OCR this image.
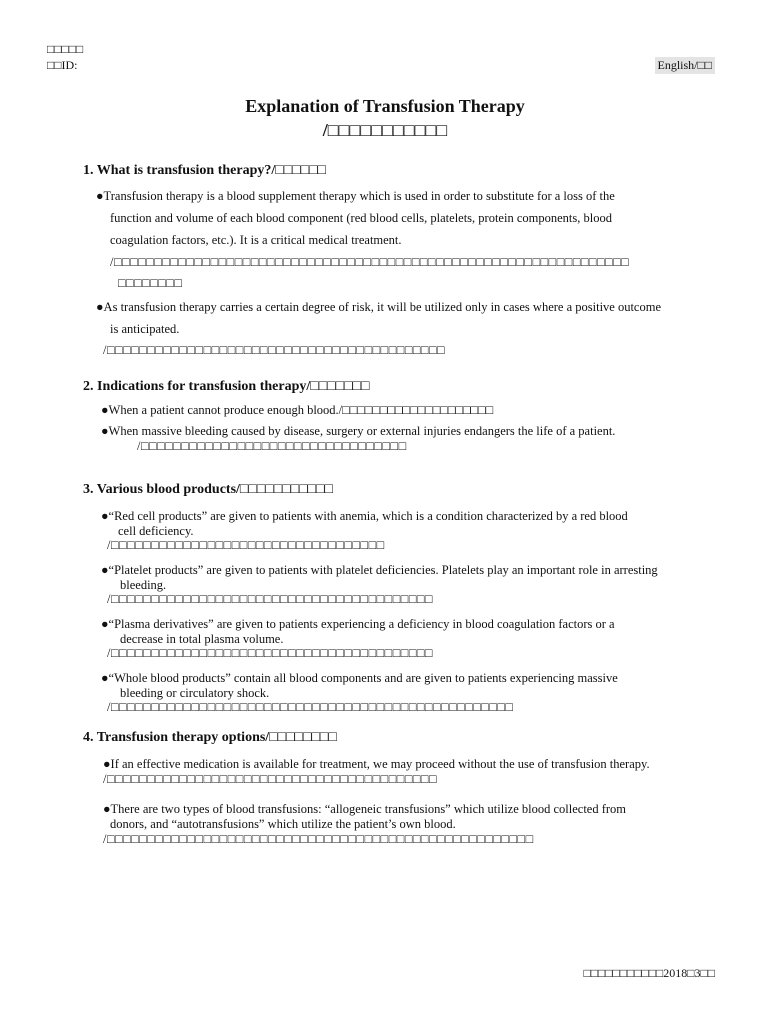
□□□□□
□□ID:	English/□□
Explanation of Transfusion Therapy
/□□□□□□□□□□□
1. What is transfusion therapy?/□□□□□□
●Transfusion therapy is a blood supplement therapy which is used in order to substitute for a loss of the
function and volume of each blood component (red blood cells, platelets, protein components, blood
coagulation factors, etc.). It is a critical medical treatment.
/□□□□□□□□□□□□□□□□□□□□□□□□□□□□□□□□□□□□□□□□□□□□□□□□□□□□□□□□□□□□□□□□
□□□□□□□□
●As transfusion therapy carries a certain degree of risk, it will be utilized only in cases where a positive outcome
is anticipated.
/□□□□□□□□□□□□□□□□□□□□□□□□□□□□□□□□□□□□□□□□□□
2. Indications for transfusion therapy/□□□□□□□
●When a patient cannot produce enough blood./□□□□□□□□□□□□□□□□□□□□
●When massive bleeding caused by disease, surgery or external injuries endangers the life of a patient.
/□□□□□□□□□□□□□□□□□□□□□□□□□□□□□□□□□
3. Various blood products/□□□□□□□□□□□
●“Red cell products” are given to patients with anemia, which is a condition characterized by a red blood
cell deficiency.
/□□□□□□□□□□□□□□□□□□□□□□□□□□□□□□□□□□
●“Platelet products” are given to patients with platelet deficiencies. Platelets play an important role in arresting
bleeding.
/□□□□□□□□□□□□□□□□□□□□□□□□□□□□□□□□□□□□□□□□
●“Plasma derivatives” are given to patients experiencing a deficiency in blood coagulation factors or a
decrease in total plasma volume.
/□□□□□□□□□□□□□□□□□□□□□□□□□□□□□□□□□□□□□□□□
●“Whole blood products” contain all blood components and are given to patients experiencing massive
bleeding or circulatory shock.
/□□□□□□□□□□□□□□□□□□□□□□□□□□□□□□□□□□□□□□□□□□□□□□□□□□
4. Transfusion therapy options/□□□□□□□□
●If an effective medication is available for treatment, we may proceed without the use of transfusion therapy.
/□□□□□□□□□□□□□□□□□□□□□□□□□□□□□□□□□□□□□□□□□
●There are two types of blood transfusions: “allogeneic transfusions” which utilize blood collected from
donors, and “autotransfusions” which utilize the patient’s own blood.
/□□□□□□□□□□□□□□□□□□□□□□□□□□□□□□□□□□□□□□□□□□□□□□□□□□□□□
□□□□□□□□□□□2018□3□□
